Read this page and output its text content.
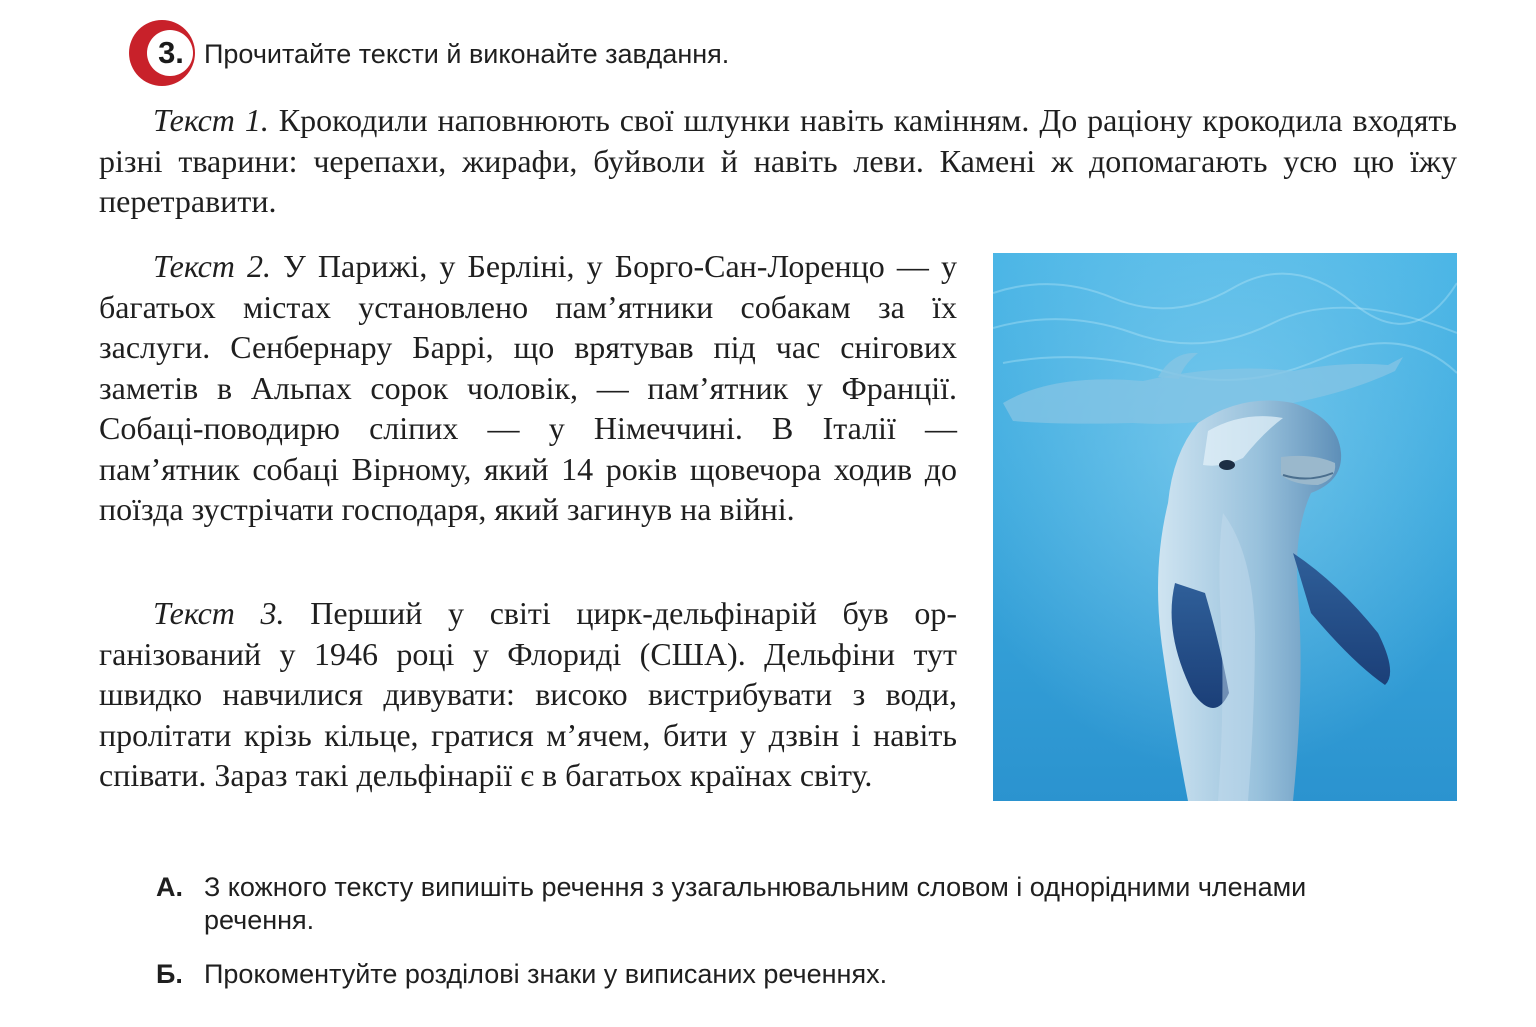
3. Прочитайте тексти й виконайте завдання.

Текст 1. Крокодили наповнюють свої шлунки навіть камінням. До раціону крокодила входять різні тварини: черепахи, жирафи, буйволи й навіть леви. Камені ж допомагають усю цю їжу перетравити.

Текст 2. У Парижі, у Берліні, у Борго-Сан-Лоренцо — у багатьох містах установлено пам’ятники собакам за їх заслуги. Сенбернару Баррі, що врятував під час снігових заметів в Альпах сорок чоловік, — пам’ятник у Франції. Собаці-поводирю сліпих — у Німеччині. В Італії — пам’ятник собаці Вірному, який 14 років щовечора ходив до поїзда зустрічати господаря, який загинув на війні.

Текст 3. Перший у світі цирк-дельфінарій був організований у 1946 році у Флориді (США). Дельфіни тут швидко навчилися дивувати: високо вистрибувати з води, пролітати крізь кільце, гратися м’ячем, бити у дзвін і навіть співати. Зараз такі дельфінарії є в багатьох країнах світу.

А. З кожного тексту випишіть речення з узагальнювальним словом і однорідними членами речення.
Б. Прокоментуйте розділові знаки у виписаних реченнях.
